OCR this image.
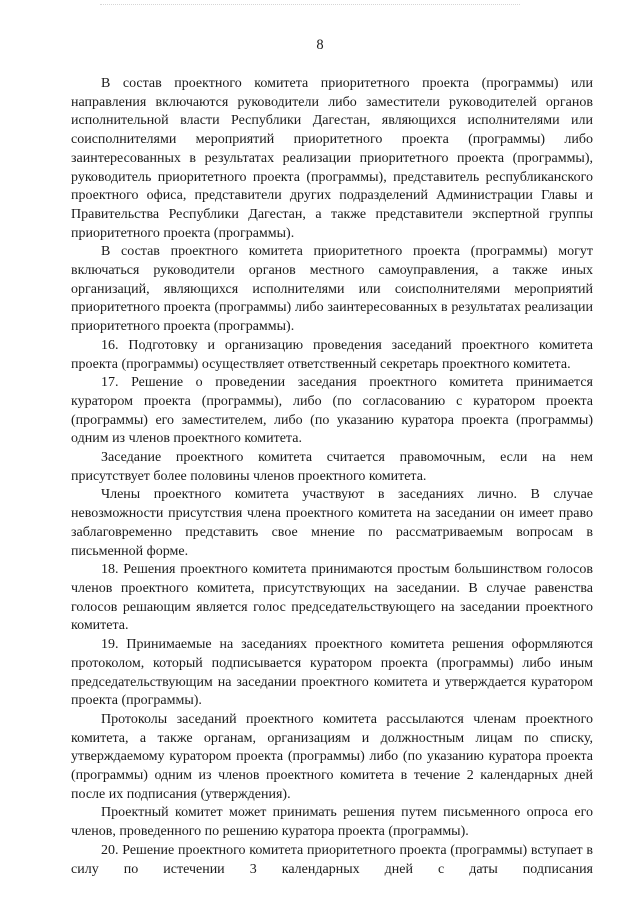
8

В состав проектного комитета приоритетного проекта (программы) или направления включаются руководители либо заместители руководителей органов исполнительной власти Республики Дагестан, являющихся исполнителями или соисполнителями мероприятий приоритетного проекта (программы) либо заинтересованных в результатах реализации приоритетного проекта (программы), руководитель приоритетного проекта (программы), представитель республиканского проектного офиса, представители других подразделений Администрации Главы и Правительства Республики Дагестан, а также представители экспертной группы приоритетного проекта (программы).

В состав проектного комитета приоритетного проекта (программы) могут включаться руководители органов местного самоуправления, а также иных организаций, являющихся исполнителями или соисполнителями мероприятий приоритетного проекта (программы) либо заинтересованных в результатах реализации приоритетного проекта (программы).

16. Подготовку и организацию проведения заседаний проектного комитета проекта (программы) осуществляет ответственный секретарь проектного комитета.

17. Решение о проведении заседания проектного комитета принимается куратором проекта (программы), либо (по согласованию с куратором проекта (программы) его заместителем, либо (по указанию куратора проекта (программы) одним из членов проектного комитета.

Заседание проектного комитета считается правомочным, если на нем присутствует более половины членов проектного комитета.

Члены проектного комитета участвуют в заседаниях лично. В случае невозможности присутствия члена проектного комитета на заседании он имеет право заблаговременно представить свое мнение по рассматриваемым вопросам в письменной форме.

18. Решения проектного комитета принимаются простым большинством голосов членов проектного комитета, присутствующих на заседании. В случае равенства голосов решающим является голос председательствующего на заседании проектного комитета.

19. Принимаемые на заседаниях проектного комитета решения оформляются протоколом, который подписывается куратором проекта (программы) либо иным председательствующим на заседании проектного комитета и утверждается куратором проекта (программы).

Протоколы заседаний проектного комитета рассылаются членам проектного комитета, а также органам, организациям и должностным лицам по списку, утверждаемому куратором проекта (программы) либо (по указанию куратора проекта (программы) одним из членов проектного комитета в течение 2 календарных дней после их подписания (утверждения).

Проектный комитет может принимать решения путем письменного опроса его членов, проведенного по решению куратора проекта (программы).

20. Решение проектного комитета приоритетного проекта (программы) вступает в силу по истечении 3 календарных дней с даты подписания
